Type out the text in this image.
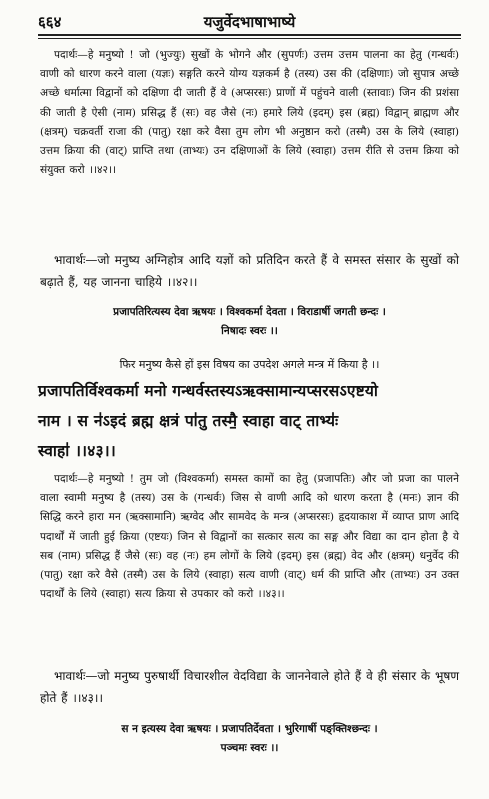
६६४	यजुर्वेदभाषाभाष्ये
पदार्थः—हे मनुष्यो ! जो (भुज्युः) सुखों के भोगने और (सुपर्णः) उत्तम उत्तम पालना का हेतु (गन्धर्वः) वाणी को धारण करने वाला (यज्ञः) सङ्गति करने योग्य यज्ञकर्म है (तस्य) उस की (दक्षिणाः) जो सुपात्र अच्छे अच्छे धर्मात्मा विद्वानों को दक्षिणा दी जाती हैं वे (अप्सरसः) प्राणों में पहुंचने वाली (स्तावाः) जिन की प्रशंसा की जाती है ऐसी (नाम) प्रसिद्ध हैं (सः) वह जैसे (नः) हमारे लिये (इदम्) इस (ब्रह्म) विद्वान् ब्राह्मण और (क्षत्रम्) चक्रवर्ती राजा की (पातु) रक्षा करे वैसा तुम लोग भी अनुष्ठान करो (तस्मै) उस के लिये (स्वाहा) उत्तम क्रिया की (वाट्) प्राप्ति तथा (ताभ्यः) उन दक्षिणाओं के लिये (स्वाहा) उत्तम रीति से उत्तम क्रिया को संयुक्त करो ।।४२।।
भावार्थः—जो मनुष्य अग्निहोत्र आदि यज्ञों को प्रतिदिन करते हैं वे समस्त संसार के सुखों को बढ़ाते हैं, यह जानना चाहिये ।।४२।।
प्रजापतिरित्यस्य देवा ऋषयः । विश्वकर्मा देवता । विराडार्षी जगती छन्दः ।
निषादः स्वरः ।।
फिर मनुष्य कैसे हों इस विषय का उपदेश अगले मन्त्र में किया है ।।
प्रजापतिर्विश्वकर्मा मनो गन्धर्वस्तस्यऽऋक्सामान्यप्सरसऽएष्टयो
नाम । स न॑ऽइदं ब्रह्म क्षत्रं पा॑तु तस्मै॒ स्वाहा वाट् ताभ्यः॑
स्वाहा॑ ।।४३।।
पदार्थः—हे मनुष्यो ! तुम जो (विश्वकर्मा) समस्त कामों का हेतु (प्रजापतिः) और जो प्रजा का पालने वाला स्वामी मनुष्य है (तस्य) उस के (गन्धर्वः) जिस से वाणी आदि को धारण करता है (मनः) ज्ञान की सिद्धि करने हारा मन (ऋक्सामानि) ऋग्वेद और सामवेद के मन्त्र (अप्सरसः) हृदयाकाश में व्याप्त प्राण आदि पदार्थों में जाती हुई क्रिया (एष्टयः) जिन से विद्वानों का सत्कार सत्य का सङ्ग और विद्या का दान होता है ये सब (नाम) प्रसिद्ध हैं जैसे (सः) वह (नः) हम लोगों के लिये (इदम्) इस (ब्रह्म) वेद और (क्षत्रम्) धनुर्वेद की (पातु) रक्षा करे वैसे (तस्मै) उस के लिये (स्वाहा) सत्य वाणी (वाट्) धर्म की प्राप्ति और (ताभ्यः) उन उक्त पदार्थों के लिये (स्वाहा) सत्य क्रिया से उपकार को करो ।।४३।।
भावार्थः—जो मनुष्य पुरुषार्थी विचारशील वेदविद्या के जाननेवाले होते हैं वे ही संसार के भूषण होते हैं ।।४३।।
स न इत्यस्य देवा ऋषयः । प्रजापतिर्देवता । भुरिगार्षी पङ्क्तिश्छन्दः ।
पञ्चमः स्वरः ।।
